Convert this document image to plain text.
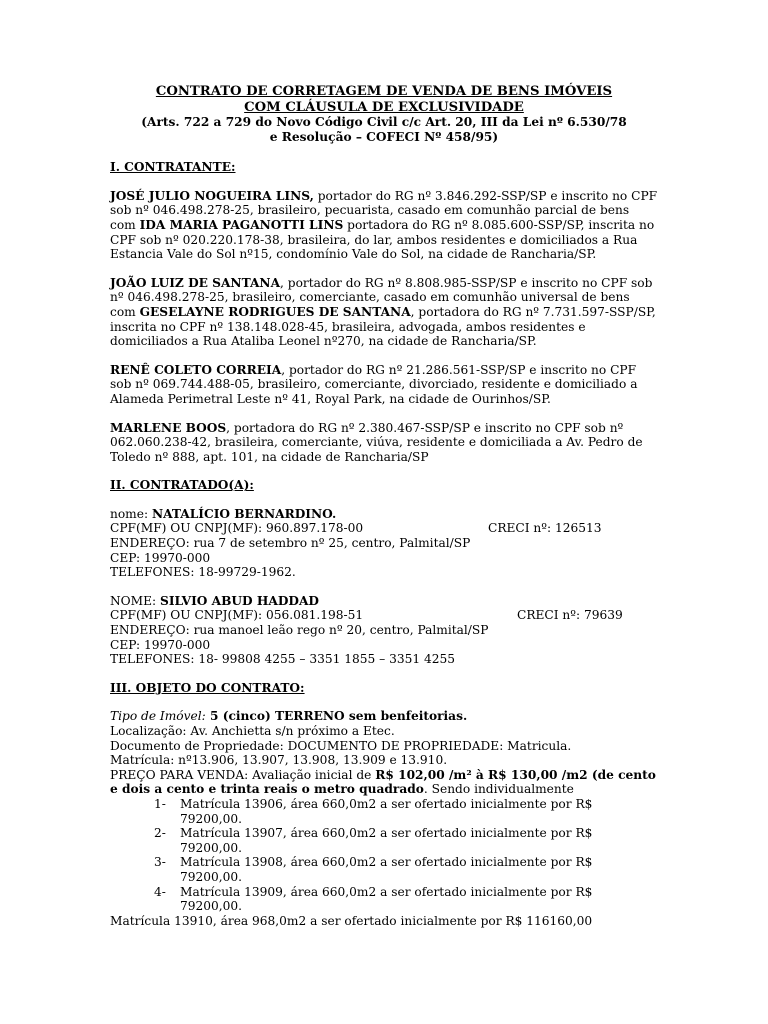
CONTRATO DE CORRETAGEM DE VENDA DE BENS IMÓVEIS

COM CLÁUSULA DE EXCLUSIVIDADE

(Arts. 722 a 729 do Novo Código Civil c/c Art. 20, III da Lei nº 6.530/78

e Resolução – COFECI Nº 458/95)

I. CONTRATANTE:

JOSÉ JULIO NOGUEIRA LINS, portador do RG nº 3.846.292-SSP/SP e inscrito no CPF sob nº 046.498.278-25, brasileiro, pecuarista, casado em comunhão parcial de bens com IDA MARIA PAGANOTTI LINS portadora do RG nº 8.085.600-SSP/SP, inscrita no CPF sob nº 020.220.178-38, brasileira, do lar, ambos residentes e domiciliados a Rua Estancia Vale do Sol nº15, condomínio Vale do Sol, na cidade de Rancharia/SP.

JOÃO LUIZ DE SANTANA, portador do RG nº 8.808.985-SSP/SP e inscrito no CPF sob nº 046.498.278-25, brasileiro, comerciante, casado em comunhão universal de bens com GESELAYNE RODRIGUES DE SANTANA, portadora do RG nº 7.731.597-SSP/SP, inscrita no CPF nº 138.148.028-45, brasileira, advogada, ambos residentes e domiciliados a Rua Ataliba Leonel nº270, na cidade de Rancharia/SP.

RENÊ COLETO CORREIA, portador do RG nº 21.286.561-SSP/SP e inscrito no CPF sob nº 069.744.488-05, brasileiro, comerciante, divorciado, residente e domiciliado a Alameda Perimetral Leste nº 41, Royal Park, na cidade de Ourinhos/SP.

MARLENE BOOS, portadora do RG nº 2.380.467-SSP/SP e inscrito no CPF sob nº 062.060.238-42, brasileira, comerciante, viúva, residente e domiciliada a Av. Pedro de Toledo nº 888, apt. 101, na cidade de Rancharia/SP

II. CONTRATADO(A):

nome: NATALÍCIO BERNARDINO.

CPF(MF) OU CNPJ(MF): 960.897.178-00	CRECI nº: 126513

ENDEREÇO: rua 7 de setembro nº 25, centro, Palmital/SP

CEP: 19970-000

TELEFONES: 18-99729-1962.

NOME: SILVIO ABUD HADDAD

CPF(MF) OU CNPJ(MF): 056.081.198-51	CRECI nº: 79639

ENDEREÇO: rua manoel leão rego nº 20, centro, Palmital/SP

CEP: 19970-000

TELEFONES: 18- 99808 4255 – 3351 1855 – 3351 4255

III. OBJETO DO CONTRATO:

Tipo de Imóvel: 5 (cinco) TERRENO sem benfeitorias.

Localização: Av. Anchietta s/n próximo a Etec.

Documento de Propriedade: DOCUMENTO DE PROPRIEDADE: Matricula.

Matrícula: nº13.906, 13.907, 13.908, 13.909 e 13.910.

PREÇO PARA VENDA: Avaliação inicial de R$ 102,00 /m² à R$ 130,00 /m2 (de cento e dois a cento e trinta reais o metro quadrado. Sendo individualmente

1- Matrícula 13906, área 660,0m2 a ser ofertado inicialmente por R$ 79200,00.
2- Matrícula 13907, área 660,0m2 a ser ofertado inicialmente por R$ 79200,00.
3- Matrícula 13908, área 660,0m2 a ser ofertado inicialmente por R$ 79200,00.
4- Matrícula 13909, área 660,0m2 a ser ofertado inicialmente por R$ 79200,00.

Matrícula 13910, área 968,0m2 a ser ofertado inicialmente por R$ 116160,00
